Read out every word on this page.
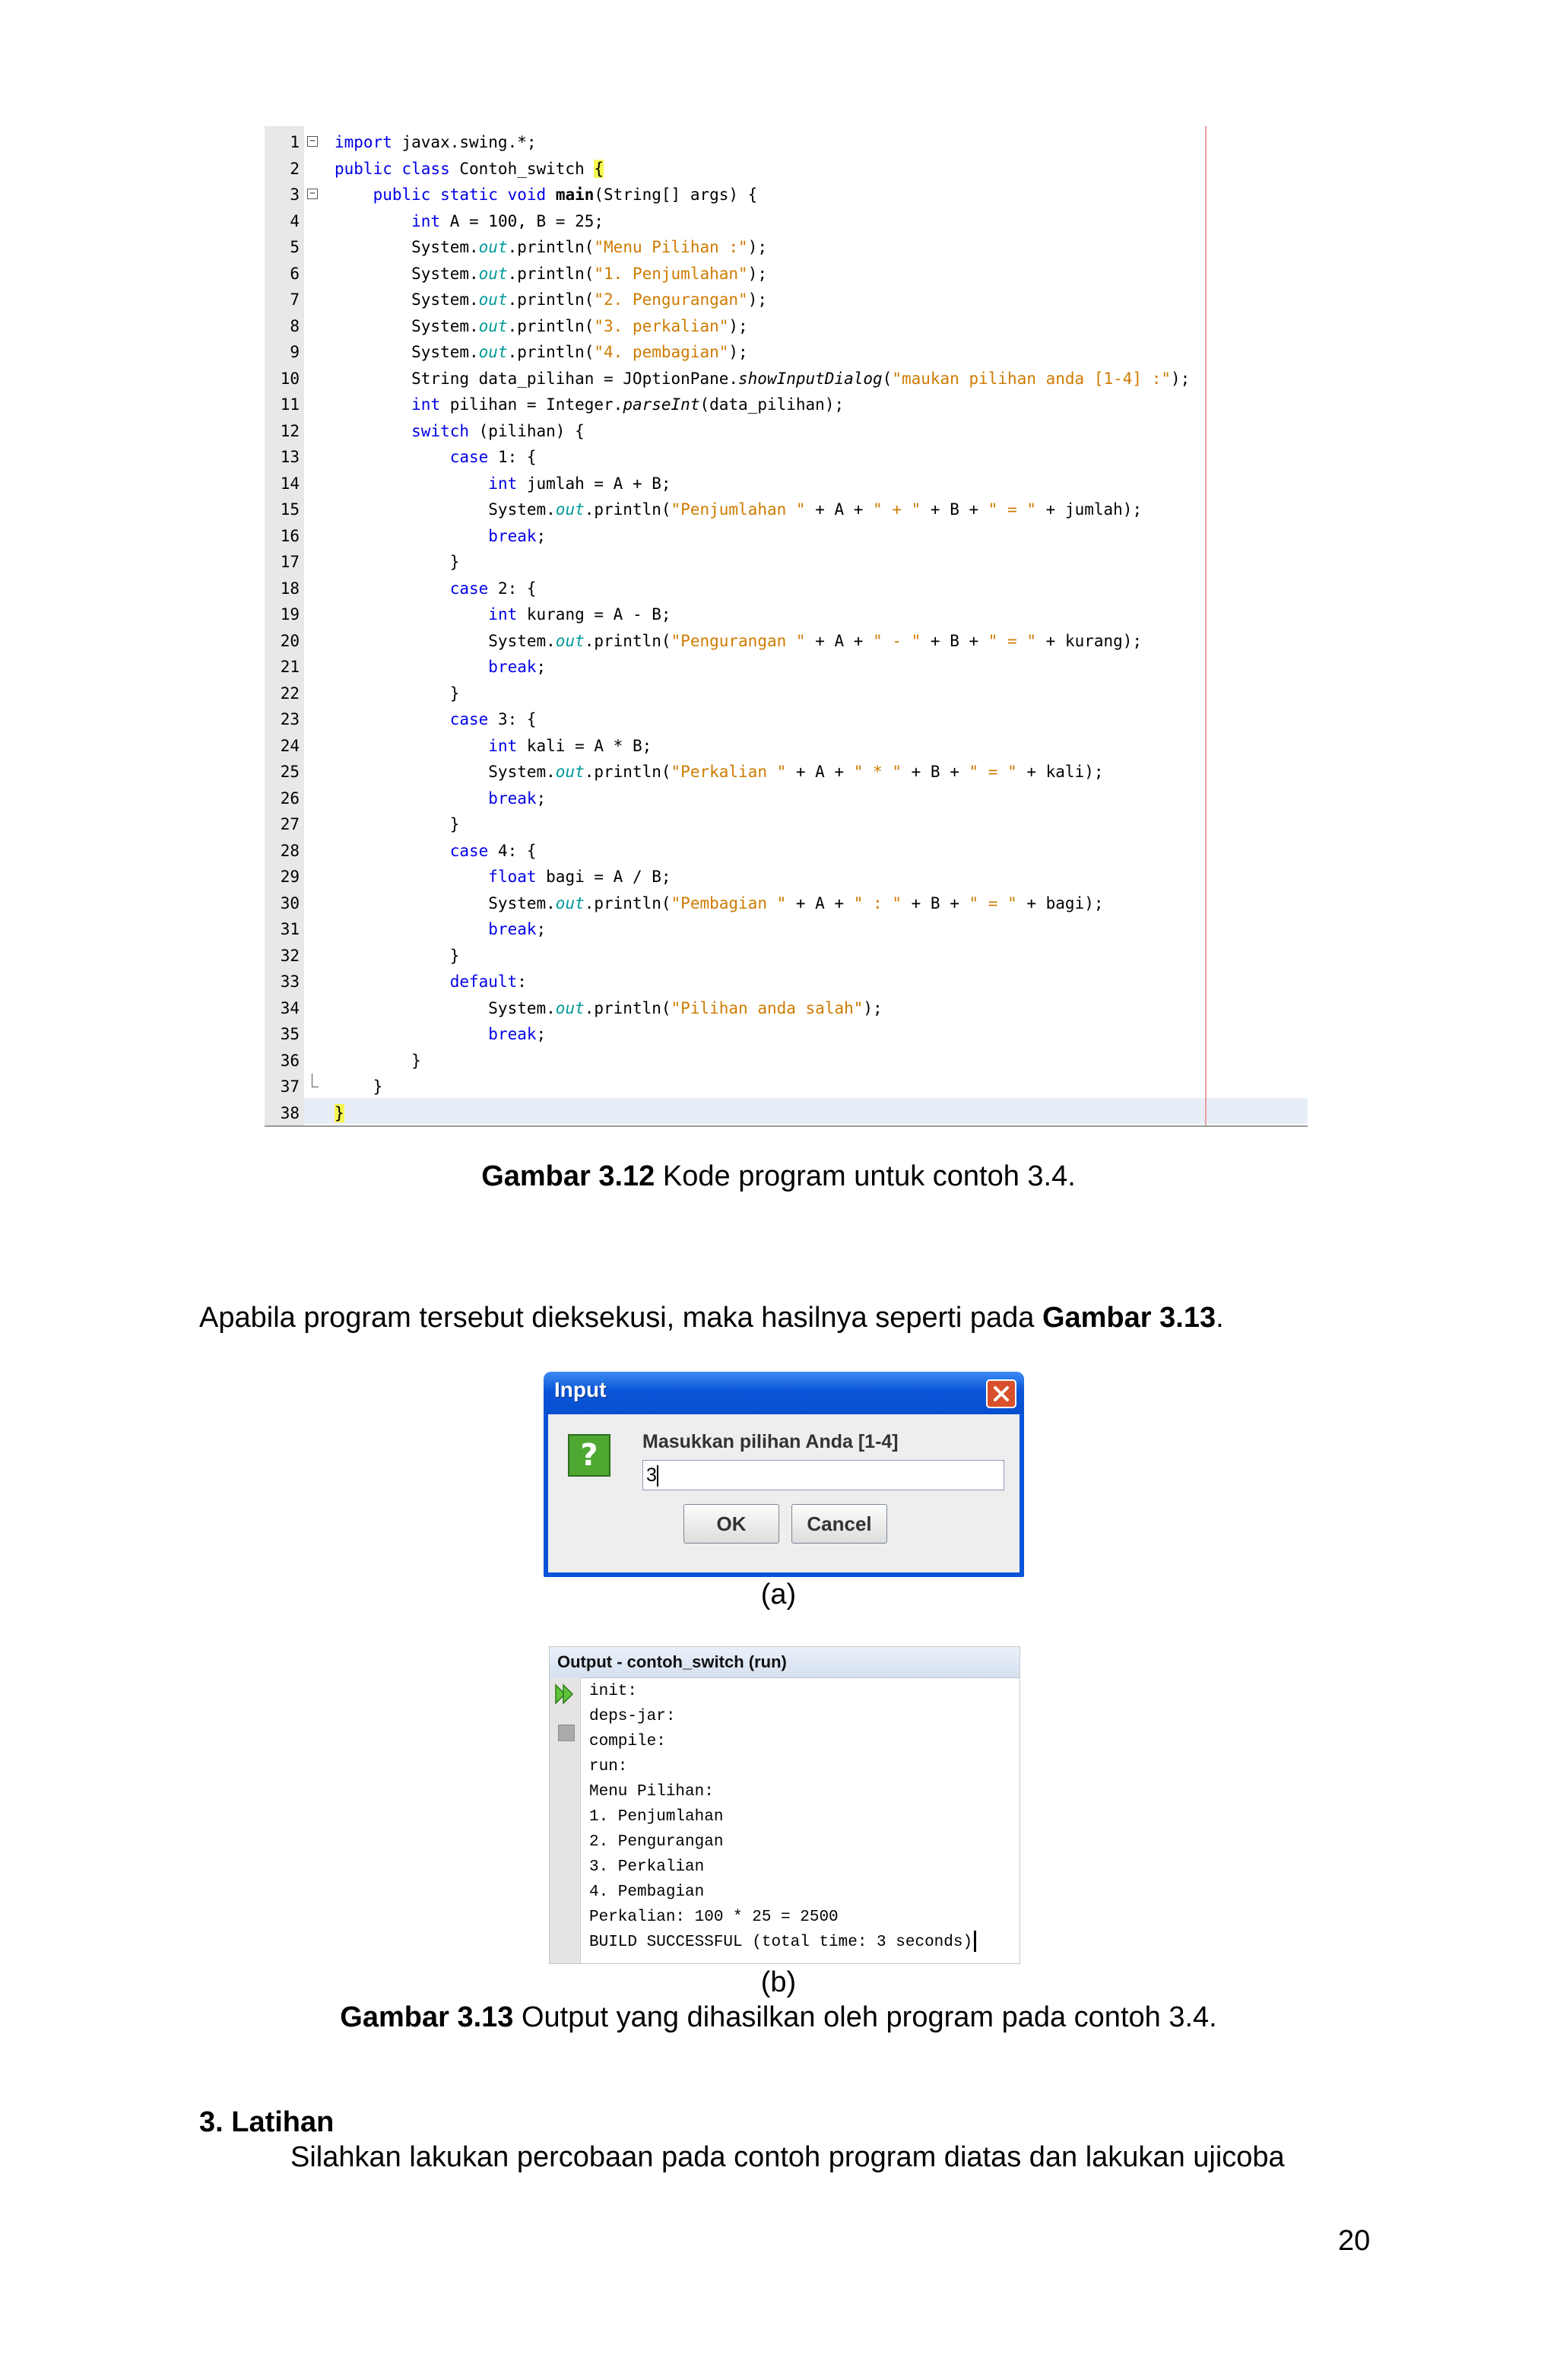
1 − import javax.swing.*;
2 public class Contoh_switch {
3 −	public static void main(String[] args) {
4	int A = 100, B = 25;
5 System.out.println("Menu Pilihan :");
6 System.out.println("1. Penjumlahan");
7 System.out.println("2. Pengurangan");
8 System.out.println("3. perkalian");
9 System.out.println("4. pembagian");
10 String data_pilihan = JOptionPane.showInputDialog("maukan pilihan anda [1-4] :");
11	int pilihan = Integer.parseInt(data_pilihan);
12	switch (pilihan) {
13	case 1: {
14	int jumlah = A + B;
15 System.out.println("Penjumlahan " + A + " + " + B + " = " + jumlah);
16	break;
17 }
18	case 2: {
19	int kurang = A - B;
20 System.out.println("Pengurangan " + A + " - " + B + " = " + kurang);
21	break;
22 }
23	case 3: {
24	int kali = A * B;
25 System.out.println("Perkalian " + A + " * " + B + " = " + kali);
26	break;
27 }
28	case 4: {
29	float bagi = A / B;
30 System.out.println("Pembagian " + A + " : " + B + " = " + bagi);
31	break;
32 }
33	default:
34 System.out.println("Pilihan anda salah");
35	break;
36 }
37 }
38 }
Gambar 3.12 Kode program untuk contoh 3.4.
Apabila program tersebut dieksekusi, maka hasilnya seperti pada Gambar 3.13.
Input
?	Masukkan pilihan Anda [1-4]
3
OK	Cancel
(a)
Output - contoh_switch (run)
init:
deps-jar:
compile:
run:
Menu Pilihan:
1. Penjumlahan
2. Pengurangan
3. Perkalian
4. Pembagian
Perkalian: 100 * 25 = 2500
BUILD SUCCESSFUL (total time: 3 seconds)
(b)
Gambar 3.13 Output yang dihasilkan oleh program pada contoh 3.4.
3. Latihan
Silahkan lakukan percobaan pada contoh program diatas dan lakukan ujicoba
20
